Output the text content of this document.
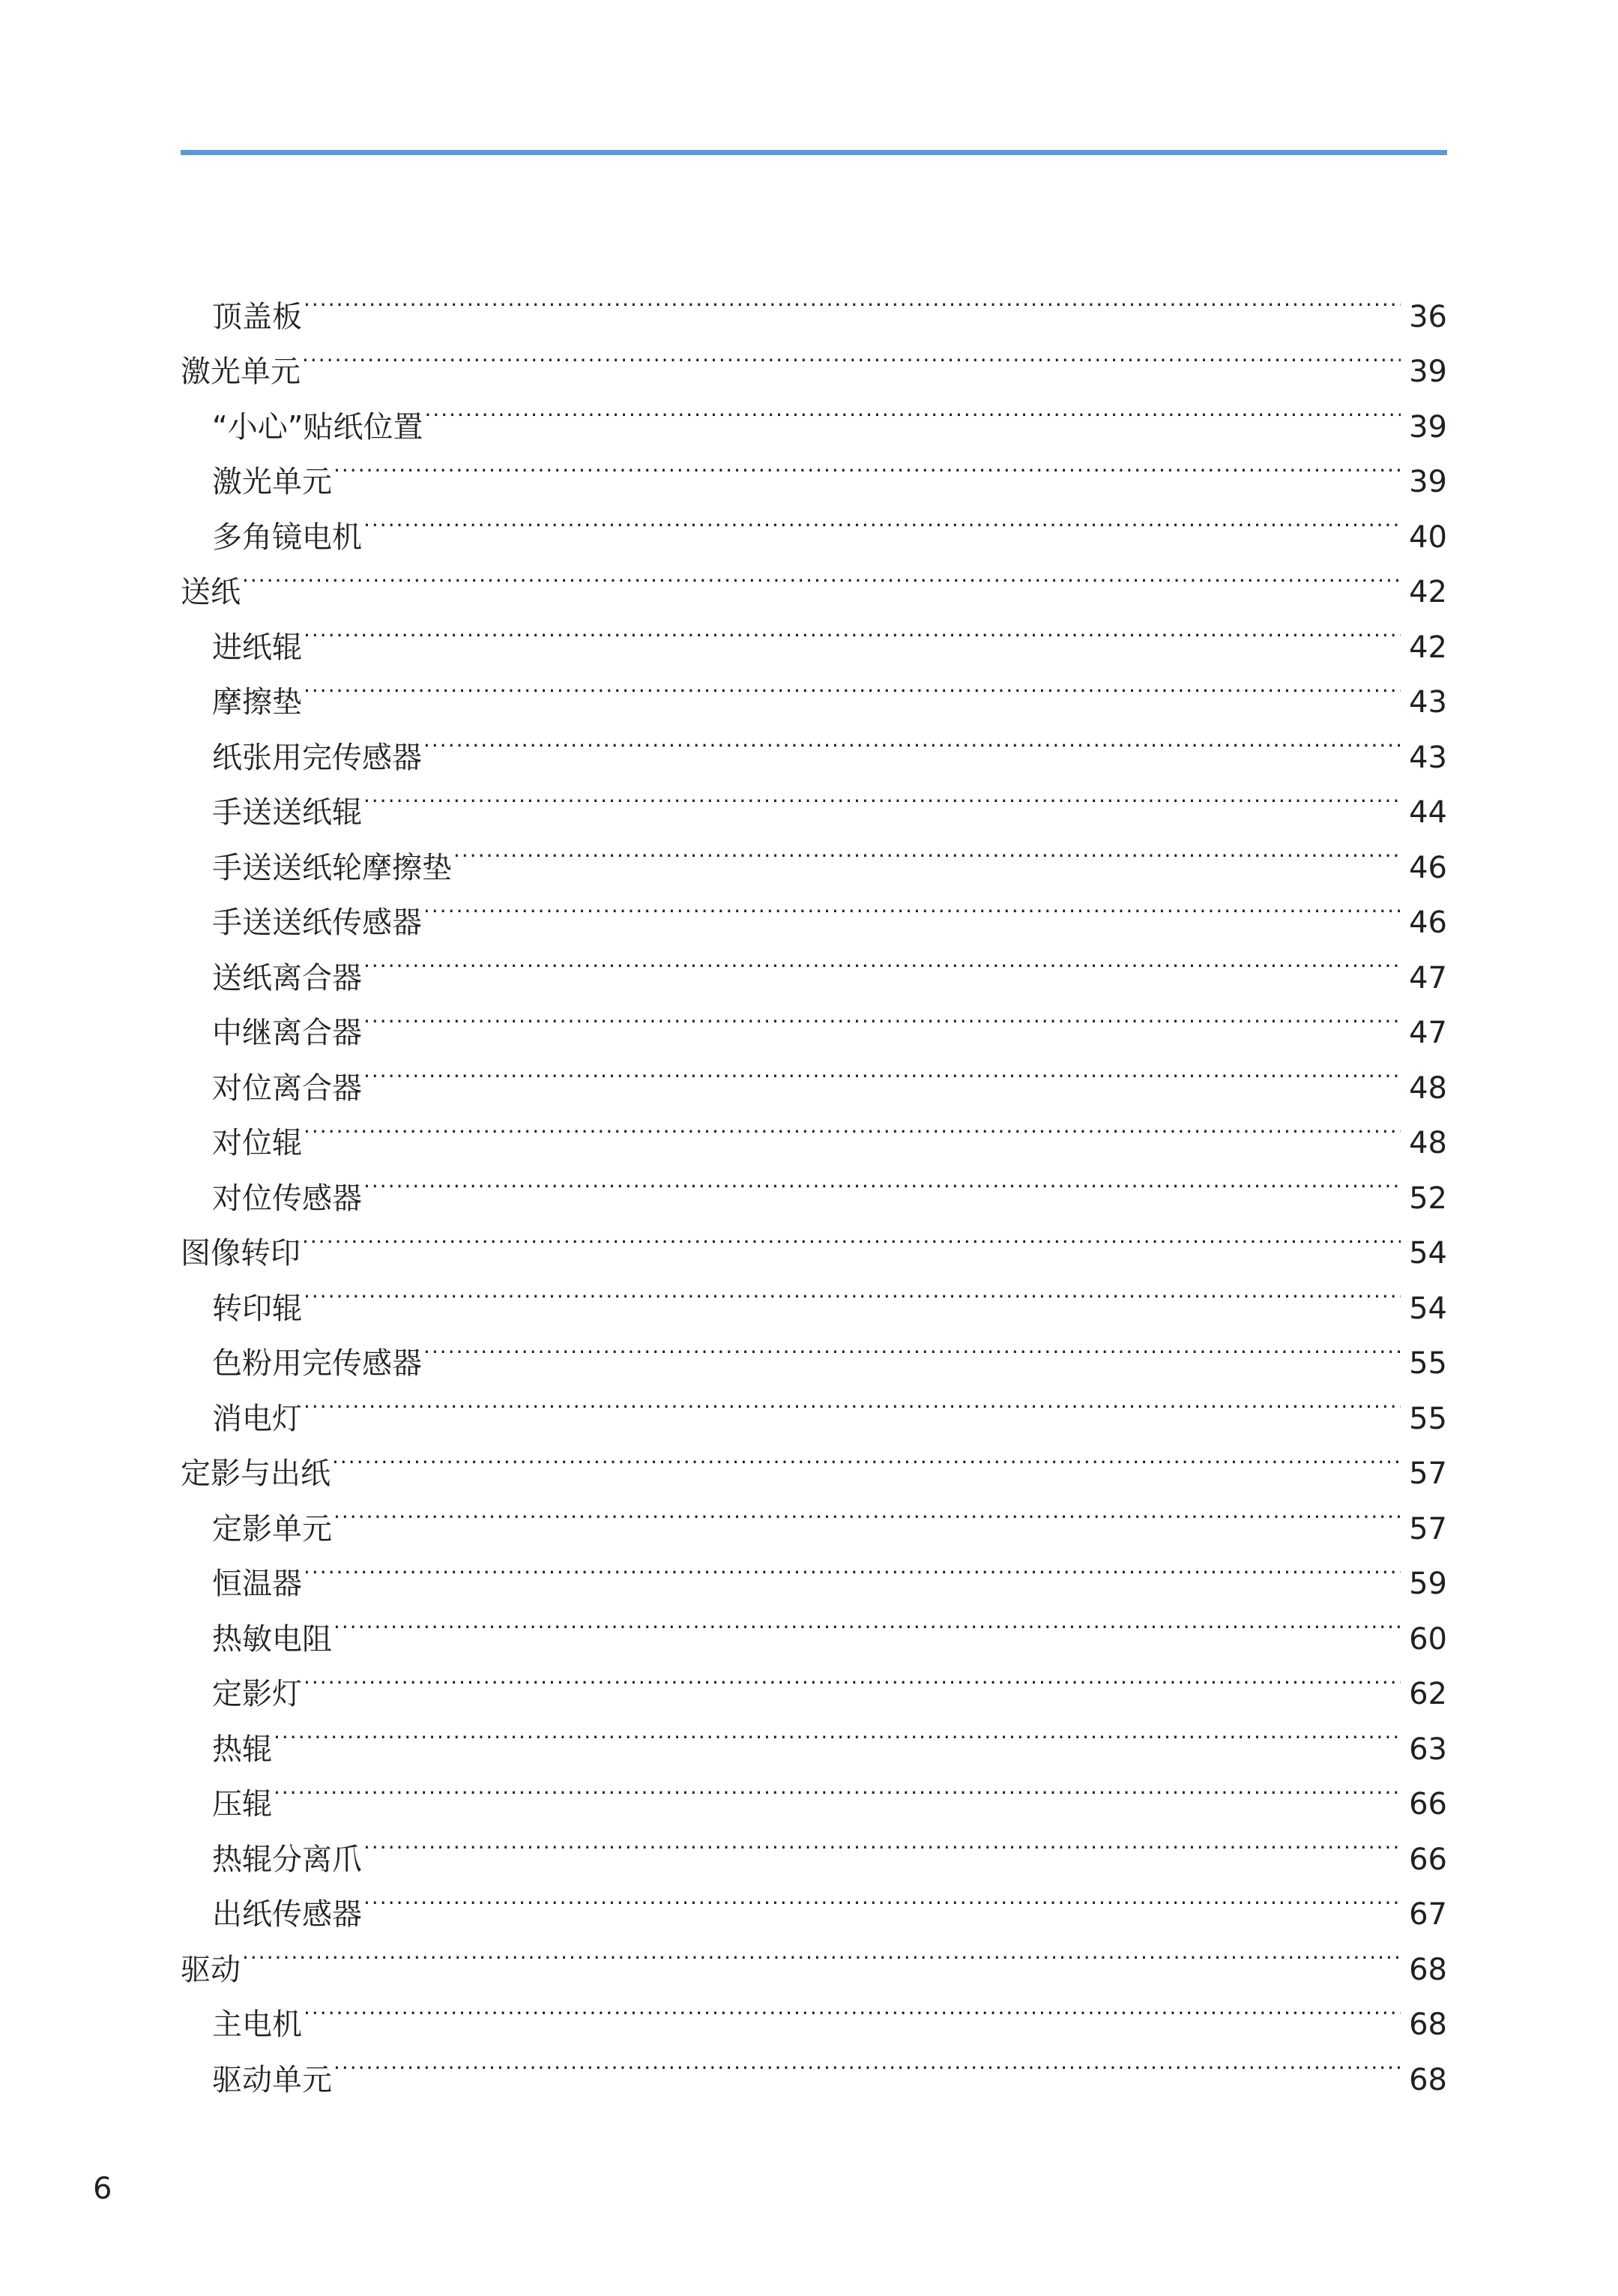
顶盖板 .....	36
激光单元 .....	39
“小心”贴纸位置 .....	39
激光单元 .....	39
多角镜电机 .....	40
送纸 .....	42
进纸辊 .....	42
摩擦垫 .....	43
纸张用完传感器 .....	43
手送送纸辊 .....	44
手送送纸轮摩擦垫 .....	46
手送送纸传感器 .....	46
送纸离合器 .....	47
中继离合器 .....	47
对位离合器 .....	48
对位辊 .....	48
对位传感器 .....	52
图像转印 .....	54
转印辊 .....	54
色粉用完传感器 .....	55
消电灯 .....	55
定影与出纸 .....	57
定影单元 .....	57
恒温器 .....	59
热敏电阻 .....	60
定影灯 .....	62
热辊 .....	63
压辊 .....	66
热辊分离爪 .....	66
出纸传感器 .....	67
驱动 .....	68
主电机 .....	68
驱动单元 .....	68
6
